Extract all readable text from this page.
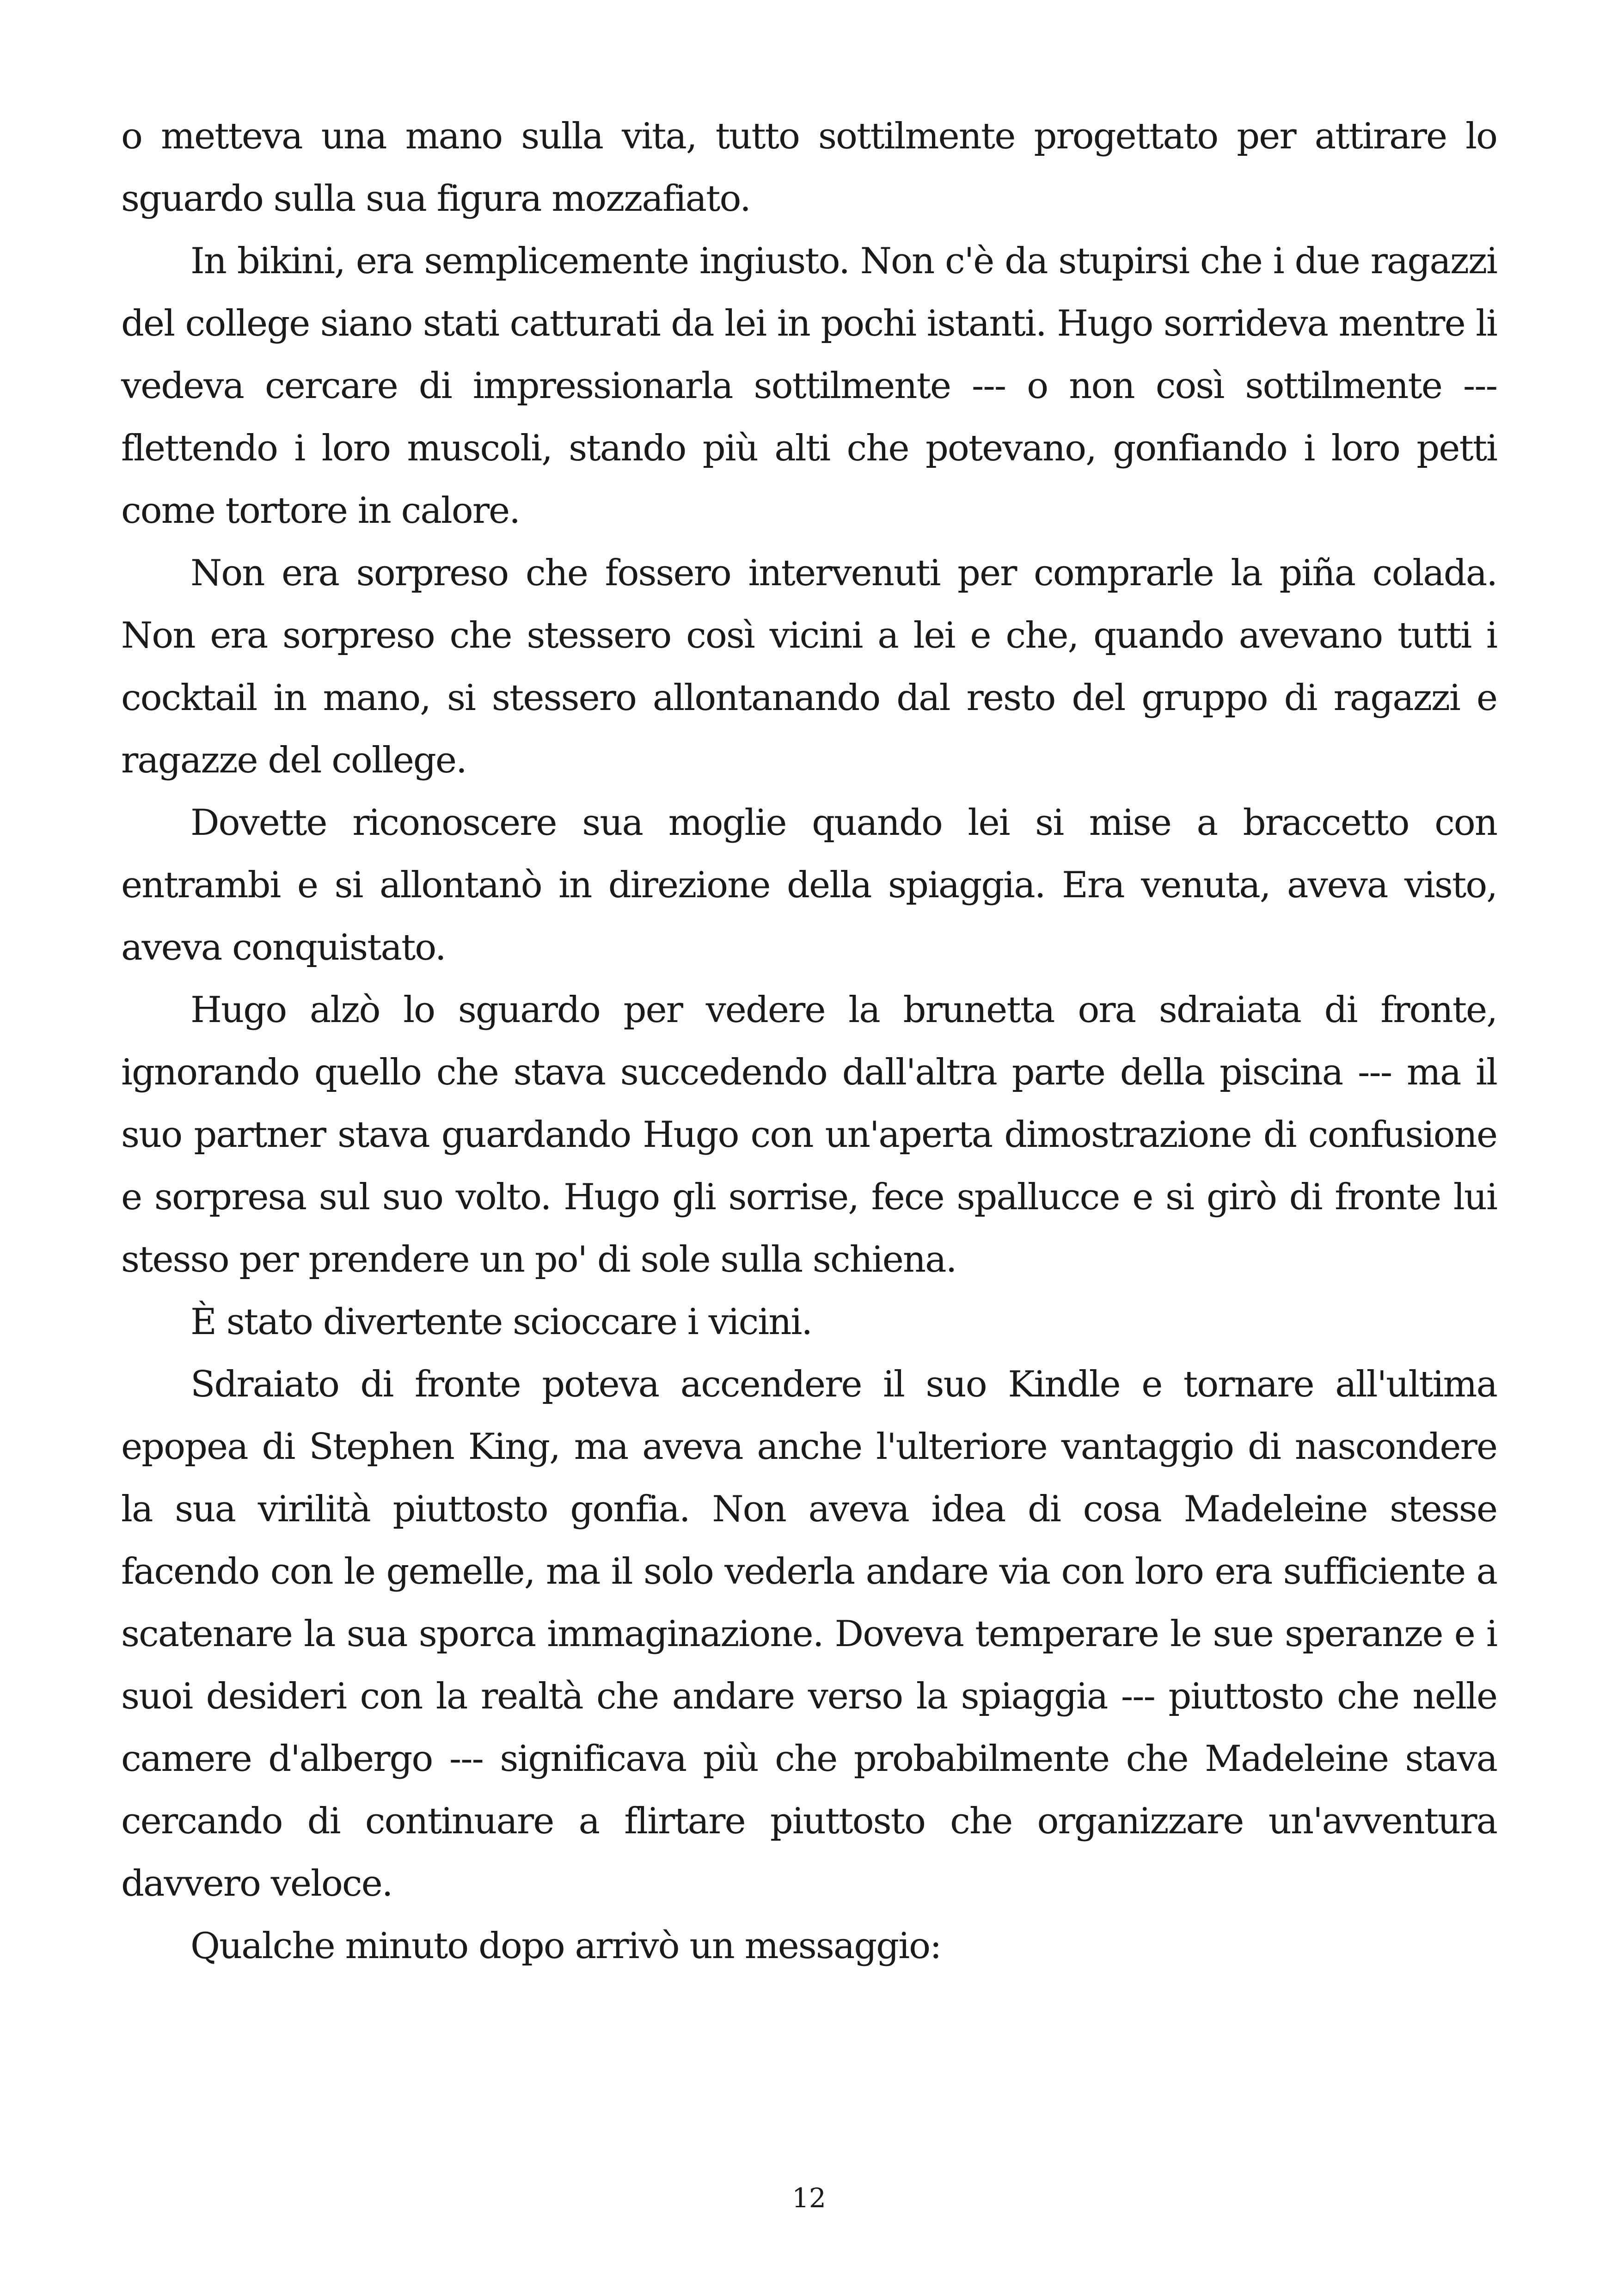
o metteva una mano sulla vita, tutto sottilmente progettato per attirare lo sguardo sulla sua figura mozzafiato.

In bikini, era semplicemente ingiusto. Non c'è da stupirsi che i due ragazzi del college siano stati catturati da lei in pochi istanti. Hugo sorrideva mentre li vedeva cercare di impressionarla sottilmente --- o non così sottilmente --- flettendo i loro muscoli, stando più alti che potevano, gonfiando i loro petti come tortore in calore.

Non era sorpreso che fossero intervenuti per comprarle la piña colada. Non era sorpreso che stessero così vicini a lei e che, quando avevano tutti i cocktail in mano, si stessero allontanando dal resto del gruppo di ragazzi e ragazze del college.

Dovette riconoscere sua moglie quando lei si mise a braccetto con entrambi e si allontanò in direzione della spiaggia. Era venuta, aveva visto, aveva conquistato.

Hugo alzò lo sguardo per vedere la brunetta ora sdraiata di fronte, ignorando quello che stava succedendo dall'altra parte della piscina --- ma il suo partner stava guardando Hugo con un'aperta dimostrazione di confusione e sorpresa sul suo volto. Hugo gli sorrise, fece spallucce e si girò di fronte lui stesso per prendere un po' di sole sulla schiena.

È stato divertente scioccare i vicini.

Sdraiato di fronte poteva accendere il suo Kindle e tornare all'ultima epopea di Stephen King, ma aveva anche l'ulteriore vantaggio di nascondere la sua virilità piuttosto gonfia. Non aveva idea di cosa Madeleine stesse facendo con le gemelle, ma il solo vederla andare via con loro era sufficiente a scatenare la sua sporca immaginazione. Doveva temperare le sue speranze e i suoi desideri con la realtà che andare verso la spiaggia --- piuttosto che nelle camere d'albergo --- significava più che probabilmente che Madeleine stava cercando di continuare a flirtare piuttosto che organizzare un'avventura davvero veloce.

Qualche minuto dopo arrivò un messaggio:

12
